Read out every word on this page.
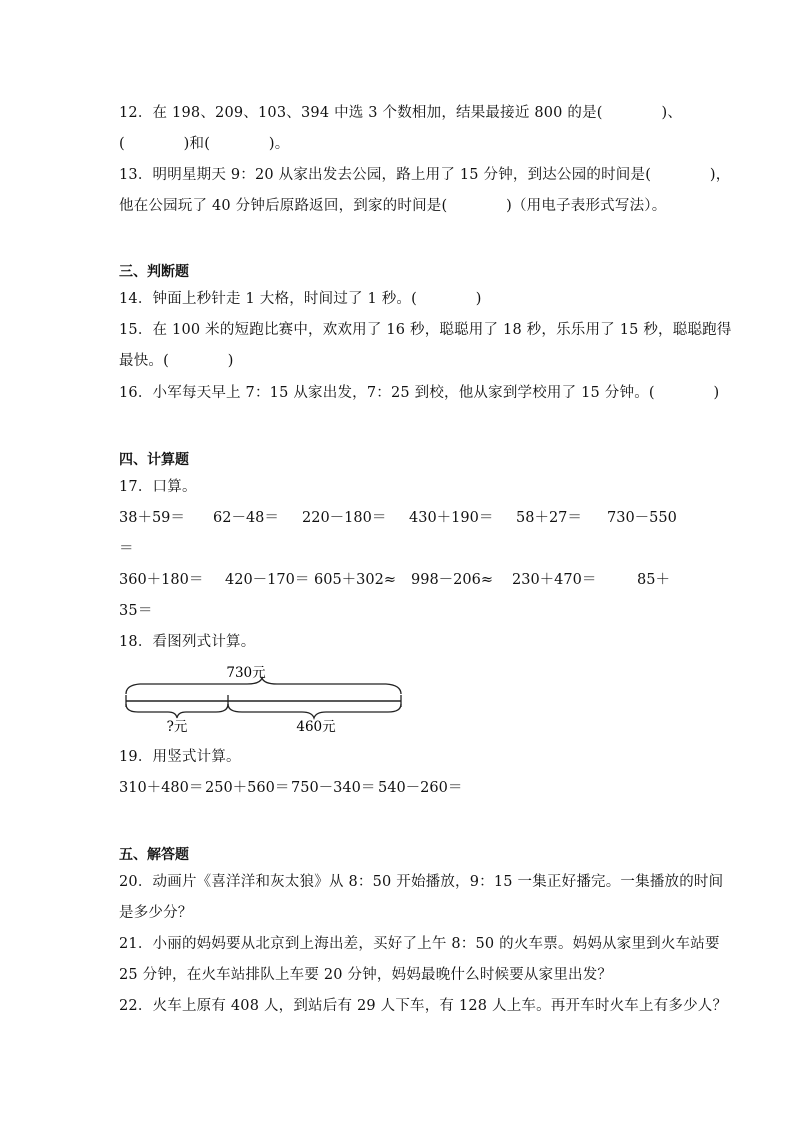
12．在 198、209、103、394 中选 3 个数相加，结果最接近 800 的是(　　　　)、
(　　　　)和(　　　　)。
13．明明星期天 9：20 从家出发去公园，路上用了 15 分钟，到达公园的时间是(　　　　)，
他在公园玩了 40 分钟后原路返回，到家的时间是(　　　　)（用电子表形式写法）。
三、判断题
14．钟面上秒针走 1 大格，时间过了 1 秒。(　　　　)
15．在 100 米的短跑比赛中，欢欢用了 16 秒，聪聪用了 18 秒，乐乐用了 15 秒，聪聪跑得
最快。(　　　　)
16．小军每天早上 7：15 从家出发，7：25 到校，他从家到学校用了 15 分钟。(　　　　)
四、计算题
17．口算。
38＋59＝ 62－48＝ 220－180＝ 430＋190＝ 58＋27＝ 730－550
＝
360＋180＝ 420－170＝ 605＋302≈ 998－206≈ 230＋470＝	85＋
35＝
18．看图列式计算。
730元
?元	460元
19．用竖式计算。
310＋480＝ 250＋560＝ 750－340＝ 540－260＝
五、解答题
20．动画片《喜洋洋和灰太狼》从 8：50 开始播放，9：15 一集正好播完。一集播放的时间
是多少分？
21．小丽的妈妈要从北京到上海出差，买好了上午 8：50 的火车票。妈妈从家里到火车站要
25 分钟，在火车站排队上车要 20 分钟，妈妈最晚什么时候要从家里出发？
22．火车上原有 408 人，到站后有 29 人下车，有 128 人上车。再开车时火车上有多少人？
